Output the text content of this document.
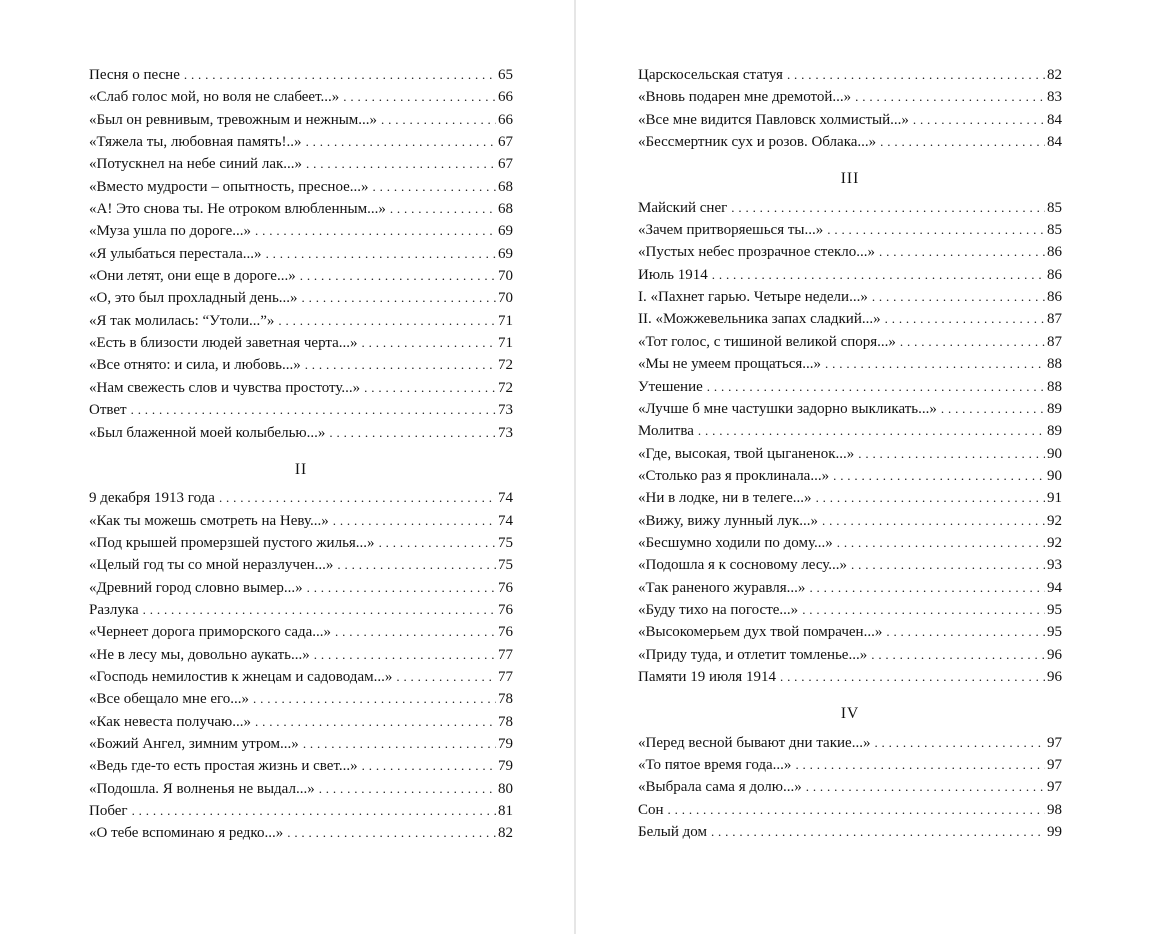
Песня о песне . . .	65
«Слаб голос мой, но воля не слабеет...» . . .	66
«Был он ревнивым, тревожным и нежным...» . . .	66
«Тяжела ты, любовная память!..» . . .	67
«Потускнел на небе синий лак...» . . .	67
«Вместо мудрости – опытность, пресное...» . . .	68
«А! Это снова ты. Не отроком влюбленным...» . . .	68
«Муза ушла по дороге...» . . .	69
«Я улыбаться перестала...» . . .	69
«Они летят, они еще в дороге...» . . .	70
«О, это был прохладный день...» . . .	70
«Я так молилась: “Утоли...”» . . .	71
«Есть в близости людей заветная черта...» . . .	71
«Все отнято: и сила, и любовь...» . . .	72
«Нам свежесть слов и чувства простоту...» . . .	72
Ответ . . .	73
«Был блаженной моей колыбелью...» . . .	73
II
9 декабря 1913 года . . .	74
«Как ты можешь смотреть на Неву...» . . .	74
«Под крышей промерзшей пустого жилья...» . . .	75
«Целый год ты со мной неразлучен...» . . .	75
«Древний город словно вымер...» . . .	76
Разлука . . .	76
«Чернеет дорога приморского сада...» . . .	76
«Не в лесу мы, довольно аукать...» . . .	77
«Господь немилостив к жнецам и садоводам...» . . .	77
«Все обещало мне его...» . . .	78
«Как невеста получаю...» . . .	78
«Божий Ангел, зимним утром...» . . .	79
«Ведь где-то есть простая жизнь и свет...» . . .	79
«Подошла. Я волненья не выдал...» . . .	80
Побег . . .	81
«О тебе вспоминаю я редко...» . . .	82
Царскосельская статуя . . .	82
«Вновь подарен мне дремотой...» . . .	83
«Все мне видится Павловск холмистый...» . . .	84
«Бессмертник сух и розов. Облака...» . . .	84
III
Майский снег . . .	85
«Зачем притворяешься ты...» . . .	85
«Пустых небес прозрачное стекло...» . . .	86
Июль 1914 . . .	86
I. «Пахнет гарью. Четыре недели...» . . .	86
II. «Можжевельника запах сладкий...» . . .	87
«Тот голос, с тишиной великой споря...» . . .	87
«Мы не умеем прощаться...» . . .	88
Утешение . . .	88
«Лучше б мне частушки задорно выкликать...» . . .	89
Молитва . . .	89
«Где, высокая, твой цыганенок...» . . .	90
«Столько раз я проклинала...» . . .	90
«Ни в лодке, ни в телеге...» . . .	91
«Вижу, вижу лунный лук...» . . .	92
«Бесшумно ходили по дому...» . . .	92
«Подошла я к сосновому лесу...» . . .	93
«Так раненого журавля...» . . .	94
«Буду тихо на погосте...» . . .	95
«Высокомерьем дух твой помрачен...» . . .	95
«Приду туда, и отлетит томленье...» . . .	96
Памяти 19 июля 1914 . . .	96
IV
«Перед весной бывают дни такие...» . . .	97
«То пятое время года...» . . .	97
«Выбрала сама я долю...» . . .	97
Сон . . .	98
Белый дом . . .	99
